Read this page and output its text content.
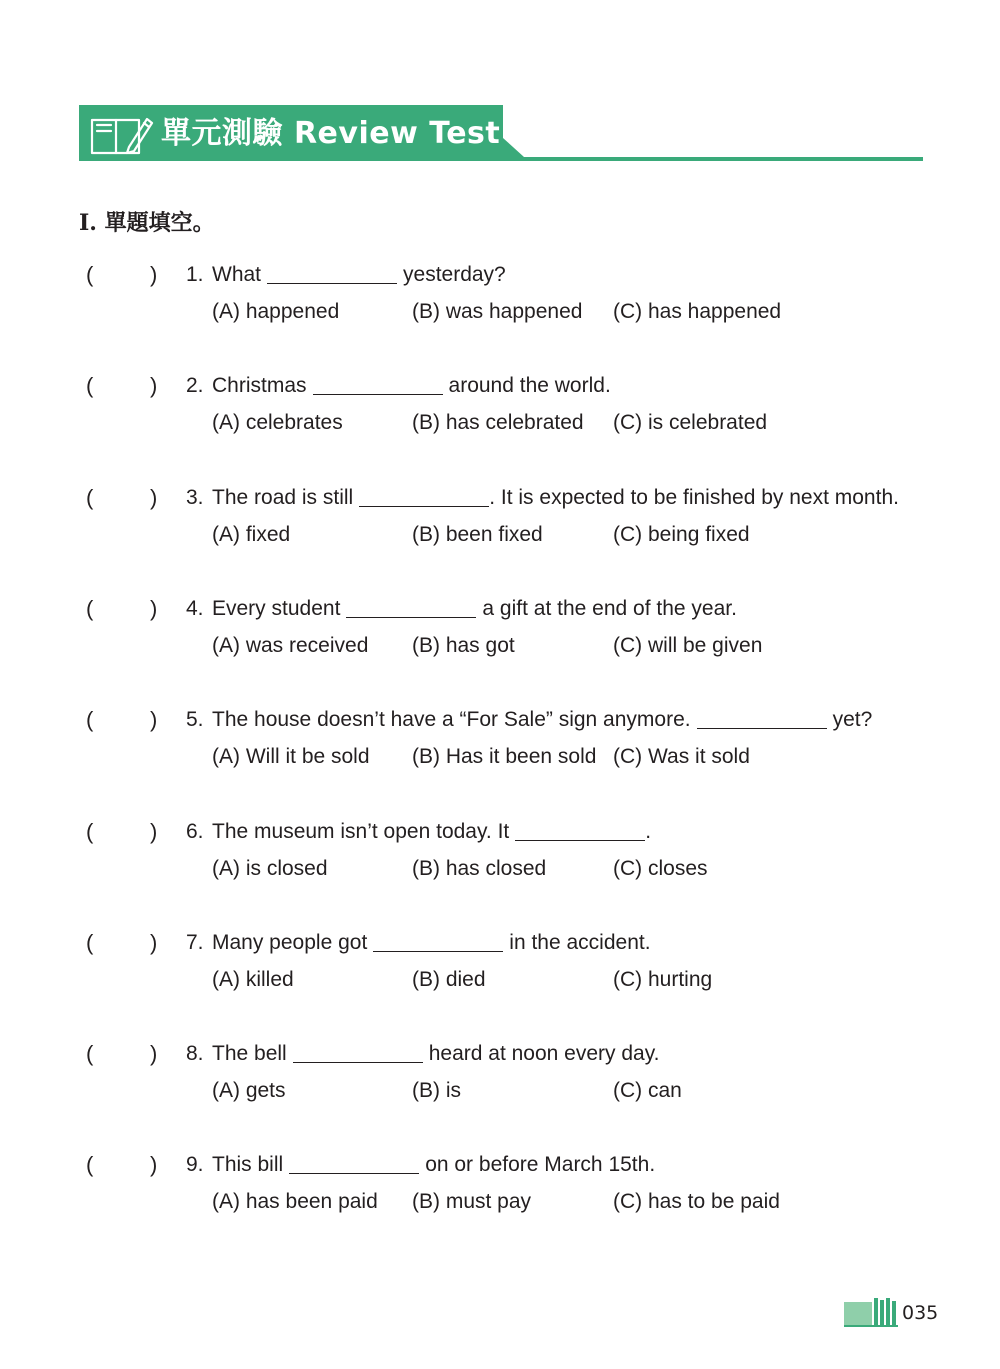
單元測驗 Review Test
I. 單題填空。
(	) 1. What	yesterday?
(A) happened	(B) was happened (C) has happened
(	) 2. Christmas	around the world.
(A) celebrates	(B) has celebrated (C) is celebrated
(	) 3. The road is still	. It is expected to be finished by next month.
(A) fixed	(B) been fixed	(C) being fixed
(	) 4. Every student	a gift at the end of the year.
(A) was received (B) has got	(C) will be given
(	) 5. The house doesn’t have a “For Sale” sign anymore.	yet?
(A) Will it be sold (B) Has it been sold (C) Was it sold
(	) 6. The museum isn’t open today. It	.
(A) is closed	(B) has closed	(C) closes
(	) 7. Many people got	in the accident.
(A) killed	(B) died	(C) hurting
(	) 8. The bell	heard at noon every day.
(A) gets	(B) is	(C) can
(	) 9. This bill	on or before March 15th.
(A) has been paid (B) must pay	(C) has to be paid
035
